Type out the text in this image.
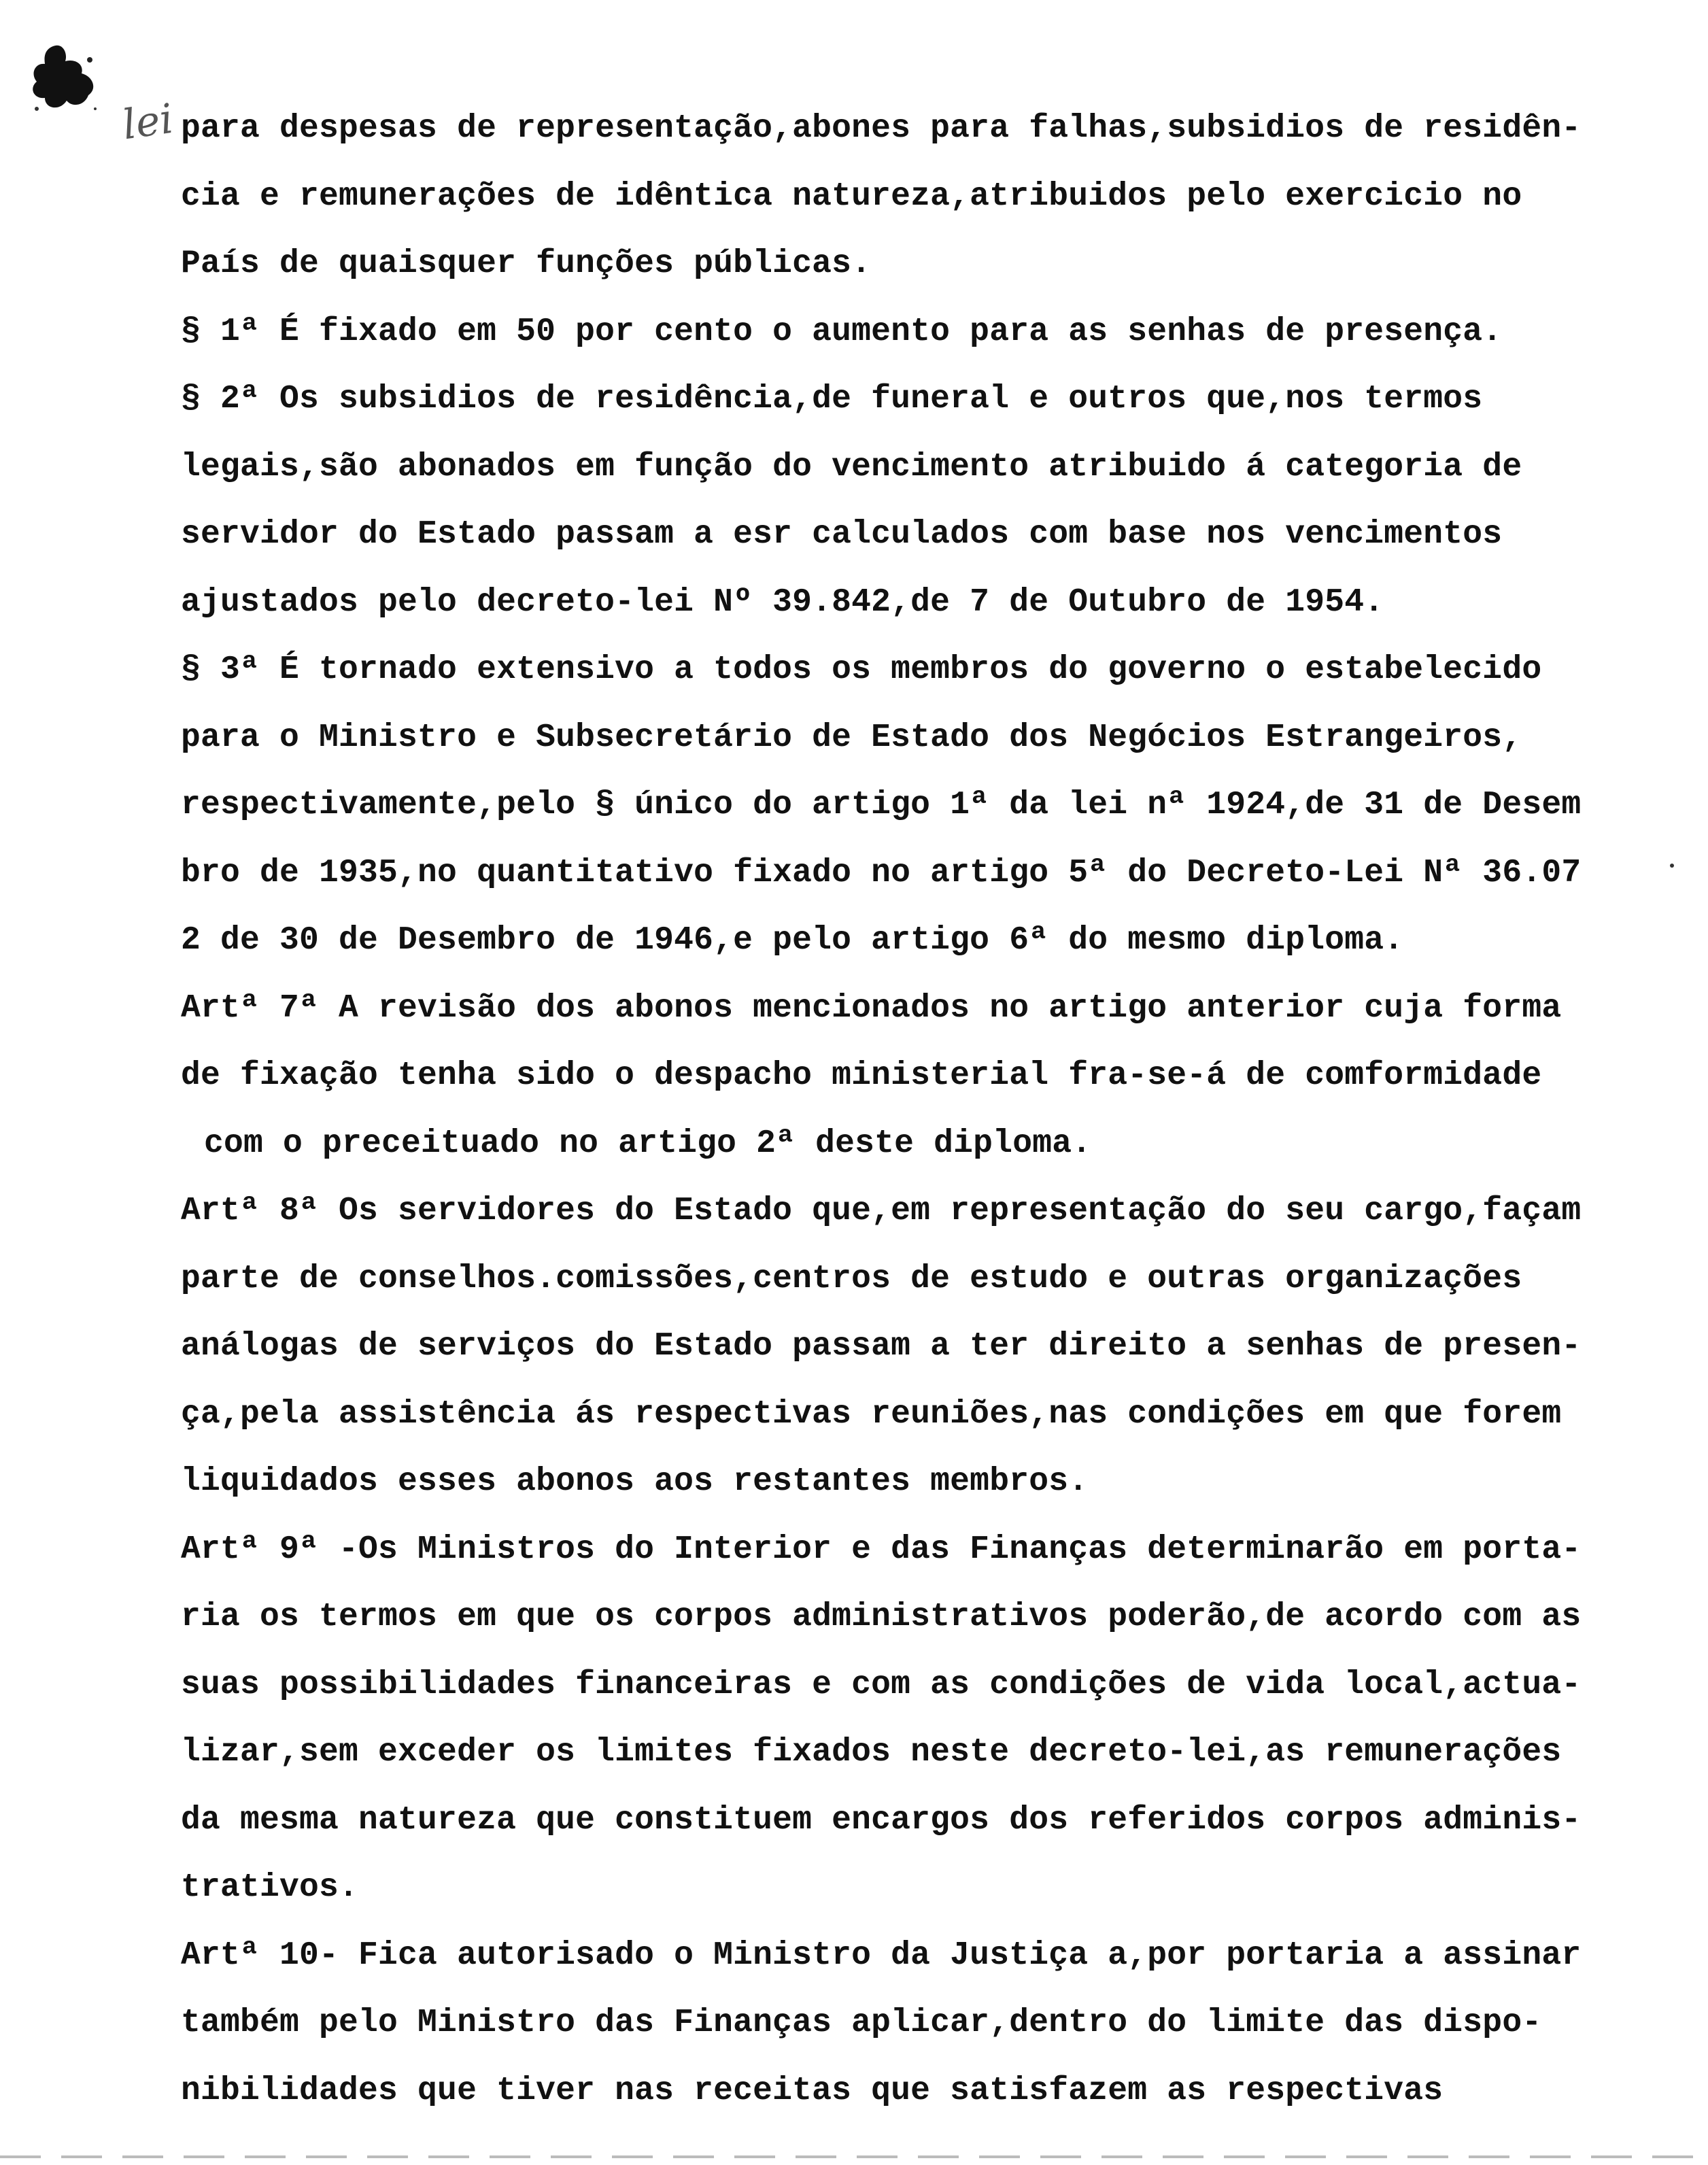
lei para despesas de representação,abones para falhas,subsidios de residên-
cia e remunerações de idêntica natureza,atribuidos pelo exercicio no
País de quaisquer funções públicas.
§ 1ª É fixado em 50 por cento o aumento para as senhas de presença.
§ 2ª Os subsidios de residência,de funeral e outros que,nos termos
legais,são abonados em função do vencimento atribuido á categoria de
servidor do Estado passam a esr calculados com base nos vencimentos
ajustados pelo decreto-lei Nº 39.842,de 7 de Outubro de 1954.
§ 3ª É tornado extensivo a todos os membros do governo o estabelecido
para o Ministro e Subsecretário de Estado dos Negócios Estrangeiros,
respectivamente,pelo § único do artigo 1ª da lei nª 1924,de 31 de Desem
bro de 1935,no quantitativo fixado no artigo 5ª do Decreto-Lei Nª 36.07
2 de 30 de Desembro de 1946,e pelo artigo 6ª do mesmo diploma.
Artª 7ª A revisão dos abonos mencionados no artigo anterior cuja forma
de fixação tenha sido o despacho ministerial fra-se-á de comformidade
com o preceituado no artigo 2ª deste diploma.
Artª 8ª Os servidores do Estado que,em representação do seu cargo,façam
parte de conselhos.comissões,centros de estudo e outras organizações
análogas de serviços do Estado passam a ter direito a senhas de presen-
ça,pela assistência ás respectivas reuniões,nas condições em que forem
liquidados esses abonos aos restantes membros.
Artª 9ª -Os Ministros do Interior e das Finanças determinarão em porta-
ria os termos em que os corpos administrativos poderão,de acordo com as
suas possibilidades financeiras e com as condições de vida local,actua-
lizar,sem exceder os limites fixados neste decreto-lei,as remunerações
da mesma natureza que constituem encargos dos referidos corpos adminis-
trativos.
Artª 10- Fica autorisado o Ministro da Justiça a,por portaria a assinar
também pelo Ministro das Finanças aplicar,dentro do limite das dispo-
nibilidades que tiver nas receitas que satisfazem as respectivas
